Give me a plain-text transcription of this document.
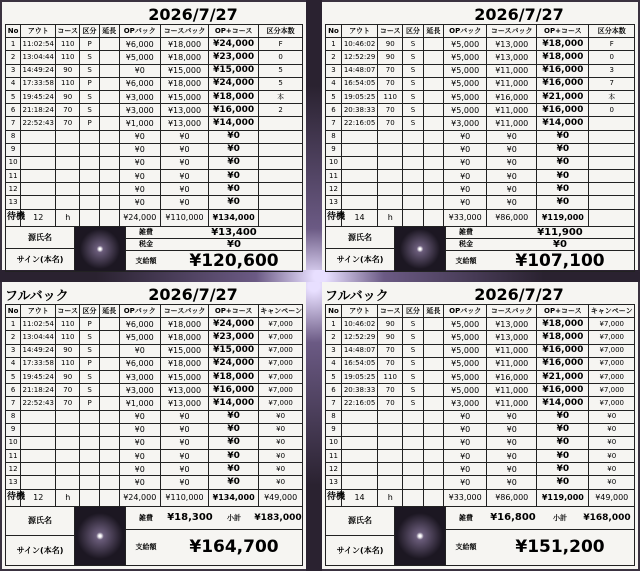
2026/7/27
No	アウト	コース	区分	延長	OPバック	コースバック	OP+コース	区分本数
1	11:02:54	110	P		¥6,000	¥18,000	¥24,000	F
2	13:04:44	110	S		¥5,000	¥18,000	¥23,000	0
3	14:49:24	90	S		¥0	¥15,000	¥15,000	5
4	17:33:58	110	P		¥6,000	¥18,000	¥24,000	5
5	19:45:24	90	S		¥3,000	¥15,000	¥18,000	本
6	21:18:24	70	S		¥3,000	¥13,000	¥16,000	2
7	22:52:43	70	P		¥1,000	¥13,000	¥14,000	
8					¥0	¥0	¥0	
9					¥0	¥0	¥0	
10					¥0	¥0	¥0	
11					¥0	¥0	¥0	
12					¥0	¥0	¥0	
13					¥0	¥0	¥0	
待機	12	h			¥24,000	¥110,000	¥134,000	
源氏名
サイン(本名)
雑費	¥13,400
税金	¥0
支給額	¥120,600
2026/7/27
No	アウト	コース	区分	延長	OPバック	コースバック	OP+コース	区分本数
1	10:46:02	90	S		¥5,000	¥13,000	¥18,000	F
2	12:52:29	90	S		¥5,000	¥13,000	¥18,000	0
3	14:48:07	70	S		¥5,000	¥11,000	¥16,000	3
4	16:54:05	70	S		¥5,000	¥11,000	¥16,000	7
5	19:05:25	110	S		¥5,000	¥16,000	¥21,000	本
6	20:38:33	70	S		¥5,000	¥11,000	¥16,000	0
7	22:16:05	70	S		¥3,000	¥11,000	¥14,000	
8					¥0	¥0	¥0	
9					¥0	¥0	¥0	
10					¥0	¥0	¥0	
11					¥0	¥0	¥0	
12					¥0	¥0	¥0	
13					¥0	¥0	¥0	
待機	14	h			¥33,000	¥86,000	¥119,000	
源氏名
サイン(本名)
雑費	¥11,900
税金	¥0
支給額	¥107,100
フルバック	2026/7/27
No	アウト	コース	区分	延長	OPバック	コースバック	OP+コース	キャンペーン
1	11:02:54	110	P		¥6,000	¥18,000	¥24,000	¥7,000
2	13:04:44	110	S		¥5,000	¥18,000	¥23,000	¥7,000
3	14:49:24	90	S		¥0	¥15,000	¥15,000	¥7,000
4	17:33:58	110	P		¥6,000	¥18,000	¥24,000	¥7,000
5	19:45:24	90	S		¥3,000	¥15,000	¥18,000	¥7,000
6	21:18:24	70	S		¥3,000	¥13,000	¥16,000	¥7,000
7	22:52:43	70	P		¥1,000	¥13,000	¥14,000	¥7,000
8					¥0	¥0	¥0	¥0
9					¥0	¥0	¥0	¥0
10					¥0	¥0	¥0	¥0
11					¥0	¥0	¥0	¥0
12					¥0	¥0	¥0	¥0
13					¥0	¥0	¥0	¥0
待機	12	h			¥24,000	¥110,000	¥134,000	¥49,000
源氏名
サイン(本名)
雑費	¥18,300	小計	¥183,000
支給額	¥164,700
フルバック	2026/7/27
No	アウト	コース	区分	延長	OPバック	コースバック	OP+コース	キャンペーン
1	10:46:02	90	S		¥5,000	¥13,000	¥18,000	¥7,000
2	12:52:29	90	S		¥5,000	¥13,000	¥18,000	¥7,000
3	14:48:07	70	S		¥5,000	¥11,000	¥16,000	¥7,000
4	16:54:05	70	S		¥5,000	¥11,000	¥16,000	¥7,000
5	19:05:25	110	S		¥5,000	¥16,000	¥21,000	¥7,000
6	20:38:33	70	S		¥5,000	¥11,000	¥16,000	¥7,000
7	22:16:05	70	S		¥3,000	¥11,000	¥14,000	¥7,000
8					¥0	¥0	¥0	¥0
9					¥0	¥0	¥0	¥0
10					¥0	¥0	¥0	¥0
11					¥0	¥0	¥0	¥0
12					¥0	¥0	¥0	¥0
13					¥0	¥0	¥0	¥0
待機	14	h			¥33,000	¥86,000	¥119,000	¥49,000
源氏名
サイン(本名)
雑費	¥16,800	小計	¥168,000
支給額	¥151,200
